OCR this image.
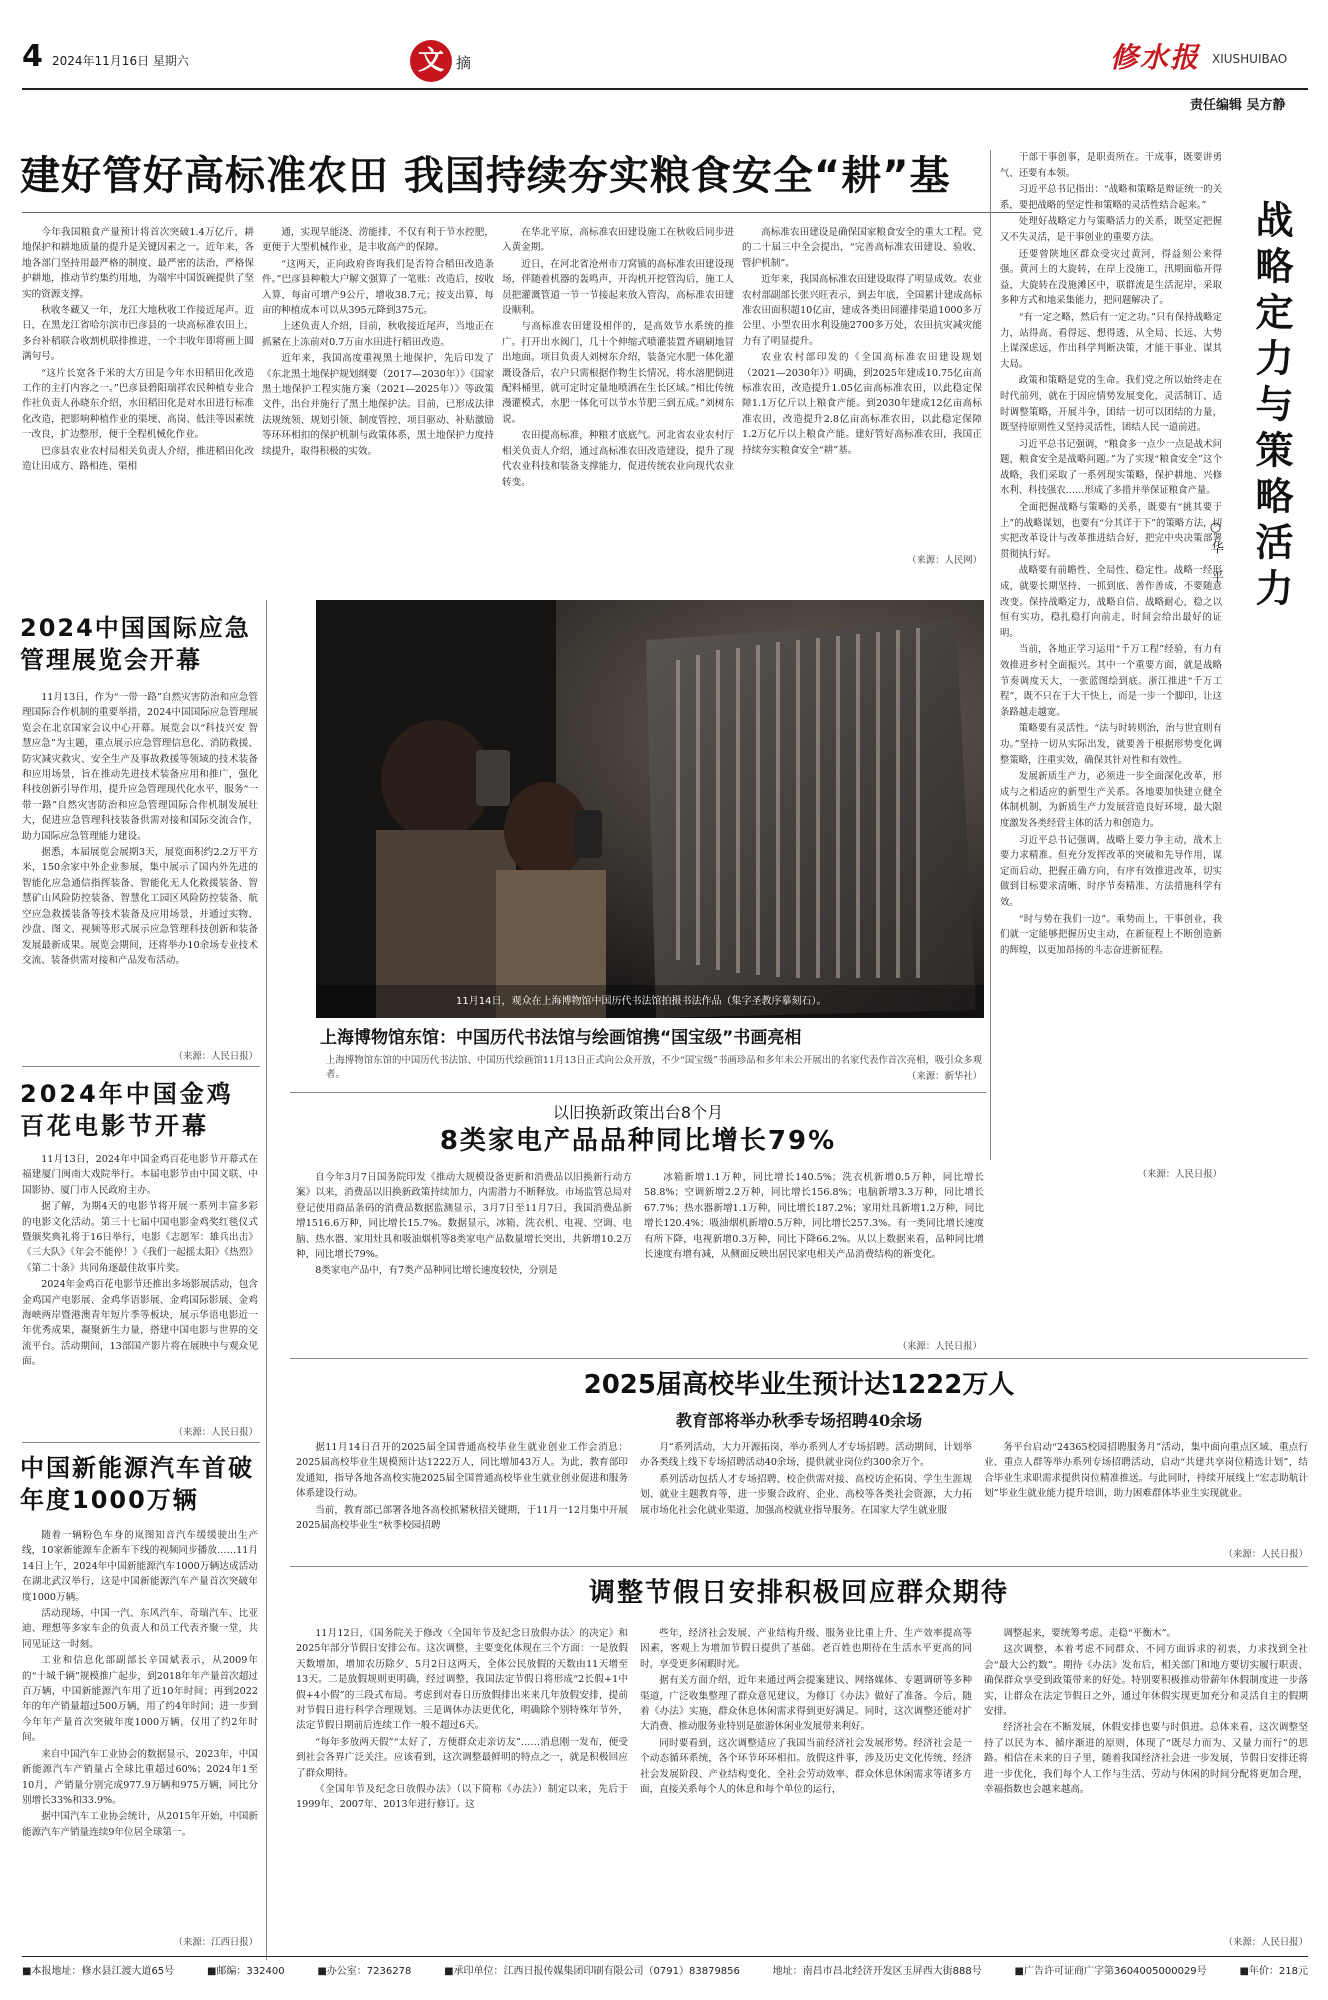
4 2024年11月16日 星期六	文 摘	修水报 XIUSHUIBAO
责任编辑 吴方静
建好管好高标准农田 我国持续夯实粮食安全“耕”基

今年我国粮食产量预计将首次突破1.4万亿斤，耕地保护和耕地质量的提升是关键因素之一。近年来，各地各部门坚持用最严格的制度、最严密的法治，严格保护耕地，推动节约集约用地，为端牢中国饭碗提供了坚实的资源支撑。

秋收冬藏又一年，龙江大地秋收工作接近尾声。近日，在黑龙江省哈尔滨市巴彦县的一块高标准农田上，多台补稻联合收割机联排推进，一个丰收年即将画上圆满句号。

“这片长宽各千米的大方田是今年水田稻田化改造工作的主打内容之一。”巴彦县碧阳瑞祥农民种植专业合作社负责人孙晓东介绍，水田稻田化是对水田进行标准化改造，把影响种植作业的渠埂、高岗、低洼等因素统一改良，扩边整形，便于全程机械化作业。

巴彦县农业农村局相关负责人介绍，推进稻田化改造让田成方、路相连、渠相

通，实现旱能浇、涝能排，不仅有利于节水控肥，更便于大型机械作业，是丰收高产的保障。

“这两天，正向政府咨询我们是否符合稻田改造条件。”巴彦县种粮大户解文强算了一笔账：改造后，按收入算，每亩可增产9公斤，增收38.7元；按支出算，每亩的种植成本可以从395元降到375元。

上述负责人介绍，目前，秋收接近尾声，当地正在抓紧在上冻前对0.7万亩水田进行稻田改造。

近年来，我国高度重视黑土地保护，先后印发了《东北黑土地保护规划纲要（2017—2030年）》《国家黑土地保护工程实施方案（2021—2025年）》等政策文件，出台并施行了黑土地保护法。目前，已形成法律法规统领、规划引领、制度管控、项目驱动、补贴激励等环环相扣的保护机制与政策体系，黑土地保护力度持续提升，取得积极的实效。

在华北平原，高标准农田建设施工在秋收后同步进入黄金期。

近日，在河北省沧州市刀窝镇的高标准农田建设现场，伴随着机器的轰鸣声，开沟机开挖管沟后，施工人员把灌溉管道一节一节接起来放入管沟，高标准农田建设顺利。

与高标准农田建设相伴的，是高效节水系统的推广。打开出水阀门，几十个伸缩式喷灌装置齐刷刷地冒出地面。项目负责人刘树东介绍，装备完水肥一体化灌溉设备后，农户只需根据作物生长情况，将水溶肥倒进配料桶里，就可定时定量地喷洒在生长区域。”相比传统漫灌模式，水肥一体化可以节水节肥三到五成。”刘树东说。

农田提高标准，种粮才底底气。河北省农业农村厅相关负责人介绍，通过高标准农田改造建设，提升了现代农业科技和装备支撑能力，促进传统农业向现代农业转变。

高标准农田建设是确保国家粮食安全的重大工程。党的二十届三中全会提出，“完善高标准农田建设、验收、管护机制”。

近年来，我国高标准农田建设取得了明显成效。农业农村部副部长张兴旺表示，到去年底，全国累计建成高标准农田面积超10亿亩，建成各类田间灌排渠道1000多万公里、小型农田水利设施2700多万处，农田抗灾减灾能力有了明显提升。

农业农村部印发的《全国高标准农田建设规划（2021—2030年）》明确，到2025年建成10.75亿亩高标准农田，改造提升1.05亿亩高标准农田，以此稳定保障1.1万亿斤以上粮食产能。到2030年建成12亿亩高标准农田，改造提升2.8亿亩高标准农田，以此稳定保障1.2万亿斤以上粮食产能。建好管好高标准农田，我国正持续夯实粮食安全“耕”基。

（来源：人民网）

干部干事创事，是职责所在。干成事，既要讲勇气、还要有本领。

习近平总书记指出：“战略和策略是辩证统一的关系，要把战略的坚定性和策略的灵活性结合起来。”

处理好战略定力与策略活力的关系，既坚定把握又不失灵活，是干事创业的重要方法。

还要曾陕地区群众受灾过黄河，得益刻公来得强。黄河上的大旋转，在岸上没施工，汛期面临开得益，大旋转在没施滩区中，联群流是生活泥岸，采取多种方式和地采集能力，把问题解决了。

“有一定之略，然后有一定之功。”只有保持战略定力，站得高、看得远、想得透，从全局、长远、大势上谋深虑远，作出科学判断决策，才能干事业、谋其大局。

政策和策略是党的生命。我们党之所以始终走在时代前列，就在于因应情势发展变化，灵活制订、适时调整策略，开展斗争，团结一切可以团结的力量，既坚持原则性又坚持灵活性，团结人民一道前进。

习近平总书记强调，“粮食多一点少一点是战术问题，粮食安全是战略问题。”为了实现“粮食安全”这个战略，我们采取了一系列现实策略，保护耕地、兴修水利、科技强农……形成了多措并举保证粮食产量。

全面把握战略与策略的关系，既要有“挑其要于上”的战略谋划，也要有“分其详于下”的策略方法，切实把改革设计与改革推进结合好，把完中央决策部署贯彻执行好。

战略要有前瞻性、全局性、稳定性。战略一经形成，就要长期坚持、一抓到底、善作善成，不要随意改变。保持战略定力，战略自信、战略耐心，稳之以恒有实功，稳扎稳打向前走，时间会给出最好的证明。

当前，各地正学习运用“千万工程”经验，有力有效推进乡村全面振兴。其中一个重要方面，就是战略节奏调度天大，一张蓝图绘到底。浙江推进“千万工程”，既不只在于大干快上，而是一步一个脚印，让这条路越走越宽。

策略要有灵活性。“法与时转则治，治与世宜则有功。”坚持一切从实际出发，就要善于根据形势变化调整策略，注重实效，确保其针对性和有效性。

发展新质生产力，必须进一步全面深化改革，形成与之相适应的新型生产关系。各地要加快建立健全体制机制，为新质生产力发展营造良好环境，最大限度激发各类经营主体的活力和创造力。

习近平总书记强调，战略上要力争主动，战术上要力求精准。但充分发挥改革的突破和先导作用，谋定而后动，把握正确方向，有序有效推进改革，切实做到目标要求清晰、时序节奏精准、方法措施科学有效。

“时与势在我们一边”。乘势而上，干事创业，我们就一定能够把握历史主动，在新征程上不断创造新的辉煌，以更加昂扬的斗志奋进新征程。

战略定力与策略活力
○华 平
（来源：人民日报）
2024中国国际应急管理展览会开幕

11月13日，作为“一带一路”自然灾害防治和应急管理国际合作机制的重要举措，2024中国国际应急管理展览会在北京国家会议中心开幕。展览会以“科技兴安 智慧应急”为主题，重点展示应急管理信息化、消防救援、防灾减灾救灾、安全生产及事故救援等领域的技术装备和应用场景，旨在推动先进技术装备应用和推广，强化科技创新引导作用，提升应急管理现代化水平，服务“一带一路”自然灾害防治和应急管理国际合作机制发展壮大，促进应急管理科技装备供需对接和国际交流合作，助力国际应急管理能力建设。

据悉，本届展览会展期3天，展览面积约2.2万平方米，150余家中外企业参展，集中展示了国内外先进的智能化应急通信指挥装备、智能化无人化救援装备、智慧矿山风险防控装备、智慧化工园区风险防控装备、航空应急救援装备等技术装备及应用场景，并通过实物、沙盘、图文、视频等形式展示应急管理科技创新和装备发展最新成果。展览会期间，还将举办10余场专业技术交流、装备供需对接和产品发布活动。

（来源：人民日报）
2024年中国金鸡百花电影节开幕

11月13日，2024年中国金鸡百花电影节开幕式在福建厦门闽南大戏院举行。本届电影节由中国文联、中国影协、厦门市人民政府主办。

据了解，为期4天的电影节将开展一系列丰富多彩的电影文化活动。第三十七届中国电影金鸡奖红毯仪式暨颁奖典礼将于16日举行，电影《志愿军：雄兵出击》《三大队》《年会不能停！》《我们一起摇太阳》《热烈》《第二十条》共同角逐最佳故事片奖。

2024年金鸡百花电影节还推出多场影展活动，包含金鸡国产电影展、金鸡华语影展、金鸡国际影展、金鸡海峡两岸暨港澳青年短片季等板块，展示华语电影近一年优秀成果，凝聚新生力量，搭建中国电影与世界的交流平台。活动期间，13部国产影片将在展映中与观众见面。

（来源：人民日报）
中国新能源汽车首破年度1000万辆

随着一辆粉色车身的岚图知音汽车缓缓驶出生产线，10家新能源车企新车下线的视频同步播放……11月14日上午，2024年中国新能源汽车1000万辆达成活动在湖北武汉举行，这是中国新能源汽车产量首次突破年度1000万辆。

活动现场，中国一汽、东风汽车、奇瑞汽车、比亚迪、理想等多家车企的负责人和员工代表齐聚一堂，共同见证这一时刻。

工业和信息化部副部长辛国斌表示，从2009年的“十城千辆”规模推广起步，到2018年年产量首次超过百万辆，中国新能源汽车用了近10年时间；再到2022年的年产销量超过500万辆，用了约4年时间；进一步到今年年产量首次突破年度1000万辆，仅用了约2年时间。

来自中国汽车工业协会的数据显示，2023年，中国新能源汽车产销量占全球比重超过60%；2024年1至10月，产销量分别完成977.9万辆和975万辆，同比分别增长33%和33.9%。

据中国汽车工业协会统计，从2015年开始，中国新能源汽车产销量连续9年位居全球第一。

（来源：江西日报）
11月14日，观众在上海博物馆中国历代书法馆拍摄书法作品（集字圣教序摹刻石）。
上海博物馆东馆：中国历代书法馆与绘画馆携“国宝级”书画亮相
上海博物馆东馆的中国历代书法馆、中国历代绘画馆11月13日正式向公众开放，不少“国宝级”书画珍品和多年未公开展出的名家代表作首次亮相，吸引众多观者。	（来源：新华社）
以旧换新政策出台8个月
8类家电产品品种同比增长79%

自今年3月7日国务院印发《推动大规模设备更新和消费品以旧换新行动方案》以来，消费品以旧换新政策持续加力，内需潜力不断释放。市场监管总局对登记使用商品条码的消费品数据监测显示，3月7日至11月7日，我国消费品新增1516.6万种，同比增长15.7%。数据显示，冰箱、洗衣机、电视、空调、电脑、热水器、家用灶具和吸油烟机等8类家电产品数量增长突出，共新增10.2万种，同比增长79%。

8类家电产品中，有7类产品种同比增长速度较快，分别是

冰箱新增1.1万种，同比增长140.5%；洗衣机新增0.5万种，同比增长58.8%；空调新增2.2万种，同比增长156.8%；电脑新增3.3万种，同比增长67.7%；热水器新增1.1万种，同比增长187.2%；家用灶具新增1.2万种，同比增长120.4%；吸油烟机新增0.5万种，同比增长257.3%。有一类同比增长速度有所下降，电视新增0.3万种，同比下降66.2%。从以上数据来看，品种同比增长速度有增有减，从侧面反映出居民家电相关产品消费结构的新变化。

（来源：人民日报）
2025届高校毕业生预计达1222万人
教育部将举办秋季专场招聘40余场

据11月14日召开的2025届全国普通高校毕业生就业创业工作会消息：2025届高校毕业生规模预计达1222万人，同比增加43万人。为此，教育部印发通知，指导各地各高校实施2025届全国普通高校毕业生就业创业促进和服务体系建设行动。

当前，教育部已部署各地各高校抓紧秋招关键期，于11月一12月集中开展2025届高校毕业生“秋季校园招聘

月”系列活动，大力开源拓岗，举办系列人才专场招聘。活动期间，计划举办各类线上线下专场招聘活动40余场，提供就业岗位约300余万个。

系列活动包括人才专场招聘、校企供需对接、高校访企拓岗、学生生涯规划、就业主题教育等，进一步聚合政府、企业、高校等各类社会资源，大力拓展市场化社会化就业渠道，加强高校就业指导服务。在国家大学生就业服

务平台启动“24365校园招聘服务月”活动，集中面向重点区域、重点行业、重点人群等举办系列专场招聘活动，启动“共建共享岗位精选计划”，结合毕业生求职需求提供岗位精准推送。与此同时，持续开展线上“宏志助航计划”毕业生就业能力提升培训，助力困难群体毕业生实现就业。

（来源：人民日报）
调整节假日安排积极回应群众期待

11月12日，《国务院关于修改〈全国年节及纪念日放假办法〉的决定》和2025年部分节假日安排公布。这次调整，主要变化体现在三个方面：一是放假天数增加，增加农历除夕、5月2日这两天，全体公民放假的天数由11天增至13天。二是放假规则更明确，经过调整，我国法定节假日将形成“2长假+1中假+4小假”的三段式布局。考虑到对春日历放假排出来来几年放假安排，提前对节假日进行科学合理规划。三是调休办法更优化，明确除个别特殊年节外，法定节假日期前后连续工作一般不超过6天。

“每年多放两天假”“太好了，方便群众走亲访友”……消息刚一发布，便受到社会各界广泛关注。应该看到，这次调整最鲜明的特点之一，就是积极回应了群众期待。

《全国年节及纪念日放假办法》（以下简称《办法》）制定以来，先后于1999年、2007年、2013年进行修订。这

些年，经济社会发展、产业结构升级、服务业比重上升、生产效率提高等因素，客观上为增加节假日提供了基础。老百姓也期待在生活水平更高的同时，享受更多闲暇时光。

据有关方面介绍，近年来通过两会提案建议、网络媒体、专题调研等多种渠道，广泛收集整理了群众意见建议，为修订《办法》做好了准备。今后，随着《办法》实施，群众休息休闲需求得到更好满足。同时，这次调整还能对扩大消费、推动服务业特别是旅游休闲业发展带来利好。

同时要看到，这次调整适应了我国当前经济社会发展形势。经济社会是一个动态循环系统，各个环节环环相扣。放假这件事，涉及历史文化传统、经济社会发展阶段、产业结构变化、全社会劳动效率、群众休息休闲需求等诸多方面，直接关系每个人的休息和每个单位的运行，

调整起来，要统筹考虑、走稳“平衡木”。

这次调整，本着考虑不同群众、不同方面诉求的初衷，力求找到全社会“最大公约数”。期待《办法》发布后，相关部门和地方要切实履行职责、确保群众享受到政策带来的好处。特别要积极推动带薪年休假制度进一步落实，让群众在法定节假日之外，通过年休假实现更加充分和灵活自主的假期安排。

经济社会在不断发展，休假安排也要与时俱进。总体来看，这次调整坚持了以民为本、循序渐进的原则，体现了“既尽力而为、又量力而行”的思路。相信在未来的日子里，随着我国经济社会进一步发展，节假日安排还将进一步优化，我们每个人工作与生活、劳动与休闲的时间分配将更加合理，幸福指数也会越来越高。

（来源：人民日报）
■本报地址：修水县江渡大道65号	■邮编：332400	■办公室：7236278	■承印单位：江西日报传媒集团印刷有限公司（0791）83879856	地址：南昌市昌北经济开发区玉屏西大街888号	■广告许可证商广字第3604005000029号	■年价：218元
